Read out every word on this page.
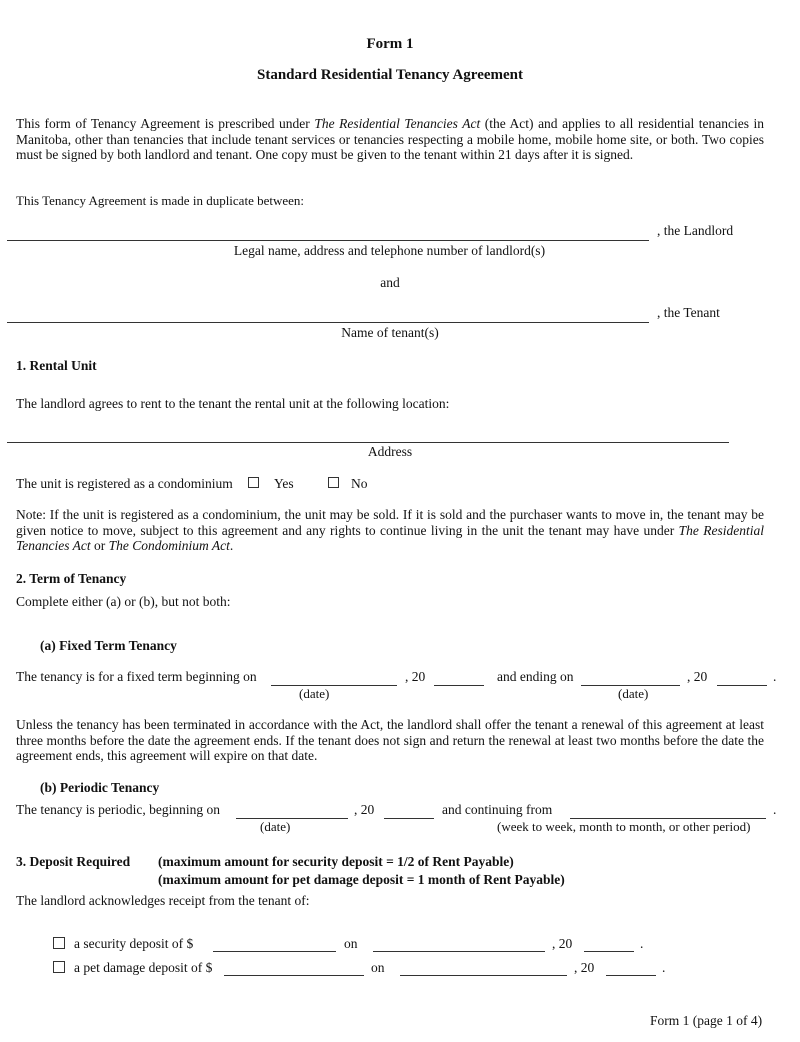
Form 1
Standard Residential Tenancy Agreement
This form of Tenancy Agreement is prescribed under The Residential Tenancies Act (the Act) and applies to all residential tenancies in Manitoba, other than tenancies that include tenant services or tenancies respecting a mobile home, mobile home site, or both. Two copies must be signed by both landlord and tenant. One copy must be given to the tenant within 21 days after it is signed.
This Tenancy Agreement is made in duplicate between:
, the Landlord
Legal name, address and telephone number of landlord(s)
and
, the Tenant
Name of tenant(s)
1. Rental Unit
The landlord agrees to rent to the tenant the rental unit at the following location:
Address
The unit is registered as a condominium	Yes	No
Note: If the unit is registered as a condominium, the unit may be sold. If it is sold and the purchaser wants to move in, the tenant may be given notice to move, subject to this agreement and any rights to continue living in the unit the tenant may have under The Residential Tenancies Act or The Condominium Act.
2. Term of Tenancy
Complete either (a) or (b), but not both:
(a) Fixed Term Tenancy
The tenancy is for a fixed term beginning on	, 20	and ending on	, 20	.
(date)	(date)
Unless the tenancy has been terminated in accordance with the Act, the landlord shall offer the tenant a renewal of this agreement at least three months before the date the agreement ends. If the tenant does not sign and return the renewal at least two months before the date the agreement ends, this agreement will expire on that date.
(b) Periodic Tenancy
The tenancy is periodic, beginning on	, 20	and continuing from	.
(date)	(week to week, month to month, or other period)
3. Deposit Required (maximum amount for security deposit = 1/2 of Rent Payable)
(maximum amount for pet damage deposit = 1 month of Rent Payable)
The landlord acknowledges receipt from the tenant of:
a security deposit of $	on	, 20	.
a pet damage deposit of $	on	, 20	.
Form 1 (page 1 of 4)
